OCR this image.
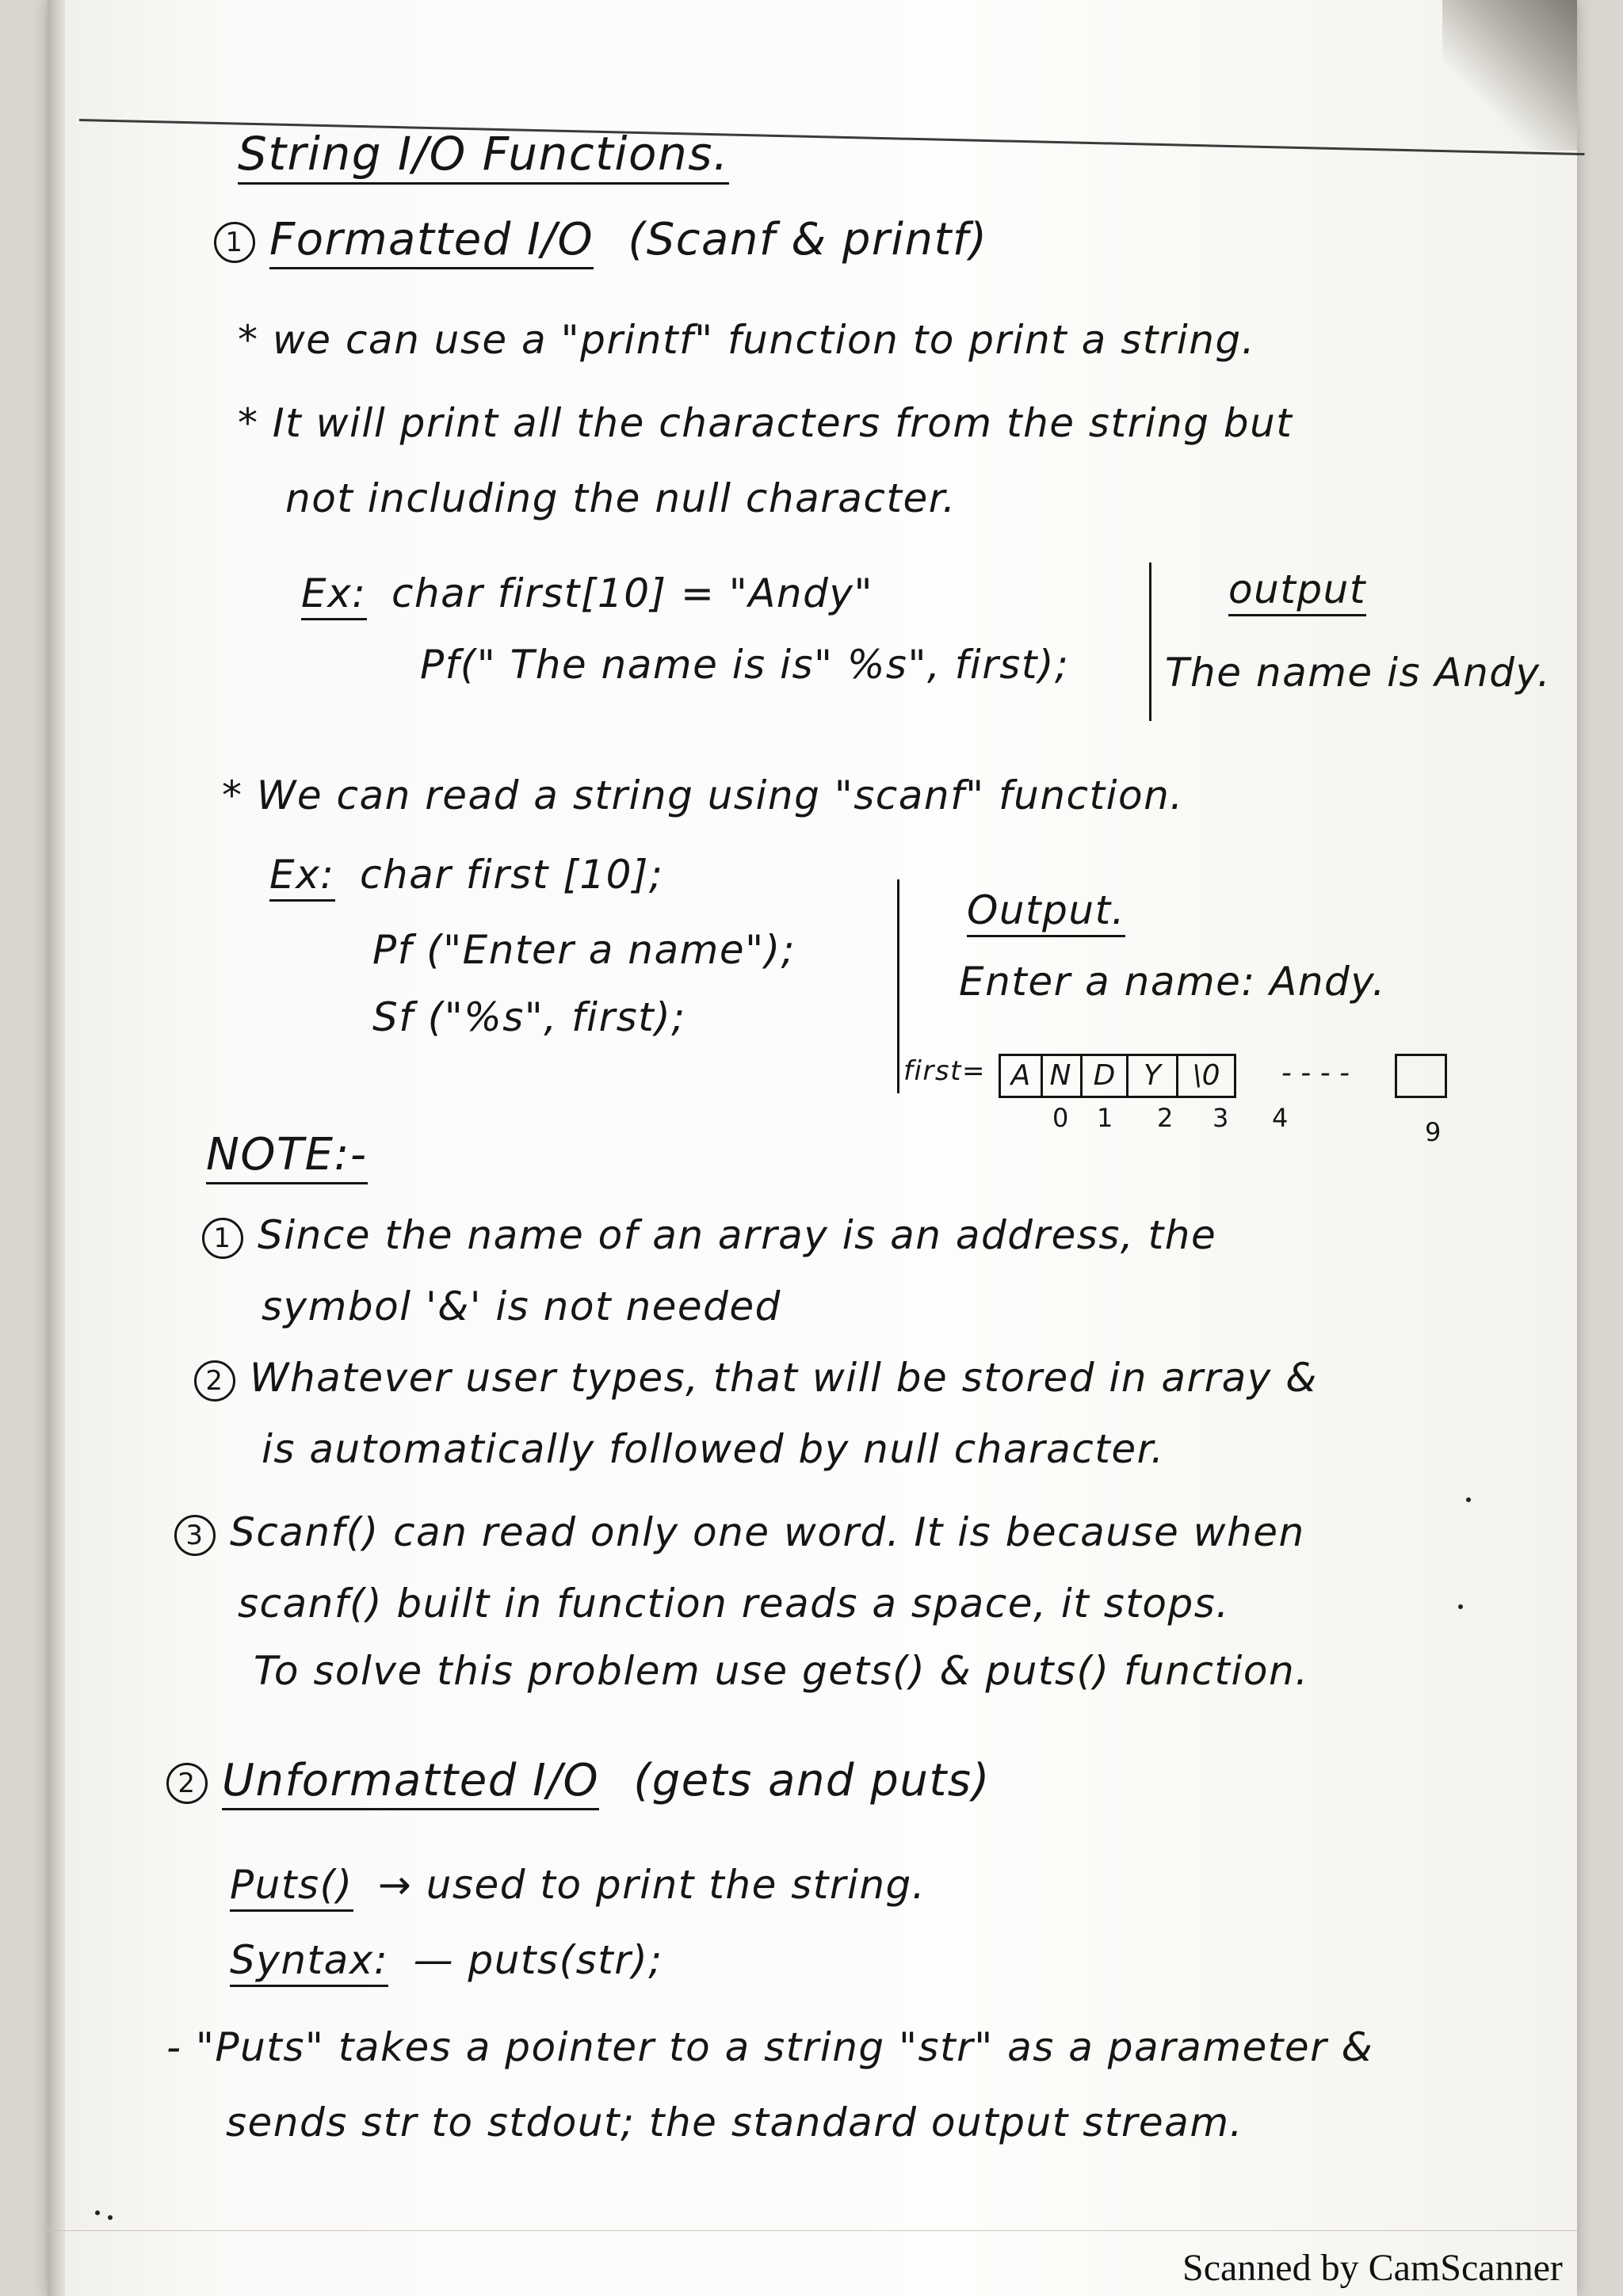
String I/O Functions.
1 Formatted I/O (Scanf & printf)
* we can use a "printf" function to print a string.
* It will print all the characters from the string but
not including the null character.
Ex: char first[10] = "Andy"
Pf(" The name is is" %s", first);
output
The name is Andy.
* We can read a string using "scanf" function.
Ex: char first [10];
Pf ("Enter a name");
Sf ("%s", first);
Output.
Enter a name: Andy.
first= A N D Y	\0	- - - -
0 1 2 3 4	9
NOTE:-
1 Since the name of an array is an address, the
symbol '&' is not needed
2 Whatever user types, that will be stored in array &
is automatically followed by null character.
3 Scanf() can read only one word. It is because when
scanf() built in function reads a space, it stops.
To solve this problem use gets() & puts() function.
2 Unformatted I/O (gets and puts)
Puts() → used to print the string.
Syntax: — puts(str);
- "Puts" takes a pointer to a string "str" as a parameter &
sends str to stdout; the standard output stream.
Scanned by CamScanner
